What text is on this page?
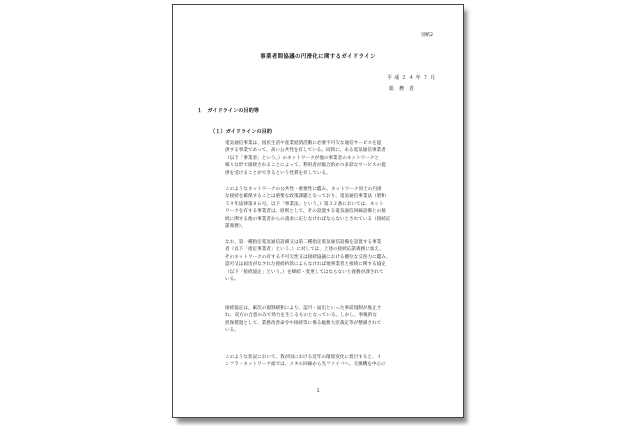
別紙2
事業者間協議の円滑化に関するガイドライン
平成２４年７月
総務省
１　ガイドラインの目的等
（１）ガイドラインの目的
電気通信事業は、国民生活や産業経済活動に必要不可欠な通信サービスを提
供する事業であって、高い公共性を有している。同時に、ある電気通信事業者
（以下「事業者」という。）のネットワークが他の事業者のネットワークと
様々な形で接続されることによって、利用者が総合的かつ多彩なサービスの提
供を受けることができるという性質を有している。
このようなネットワークの公共性・重要性に鑑み、ネットワーク同士の円滑
な接続を確保することは重要な政策課題となっており、電気通信事業法（昭和
５９年法律第８６号。以下「事業法」という。）第３２条においては、ネット
ワークを有する事業者は、原則として、その設置する電気通信回線設備との接
続に関する他の事業者からの請求に応じなければならないとされている（接続応
諾義務）。
なお、第一種指定電気通信設備又は第二種指定電気通信設備を設置する事業
者（以下「指定事業者」という。）に対しては、上述の接続応諾義務に加え、
そのネットワークの有する不可欠性又は接続協議における優位な交渉力に鑑み、
認可又は届出がなされた接続約款によらなければ他事業者と接続に関する協定
（以下「接続協定」という。）を締結・変更してはならないと義務が課されて
いる。
接続協定は、累次の規制緩和により、認可・届出といった事前規制が廃止さ
れ、双方の合意のみで効力を生じるものとなっている。しかし、事後的な
担保措置として、業務改善命令や接続等に係る総務大臣裁定等が整備されて
いる。
このような状況において、我が国における近年の環境変化に着目すると、イ
ンフラ・ネットワーク面では、メタル回線から光ファイバへ、交換機を中心に
1
